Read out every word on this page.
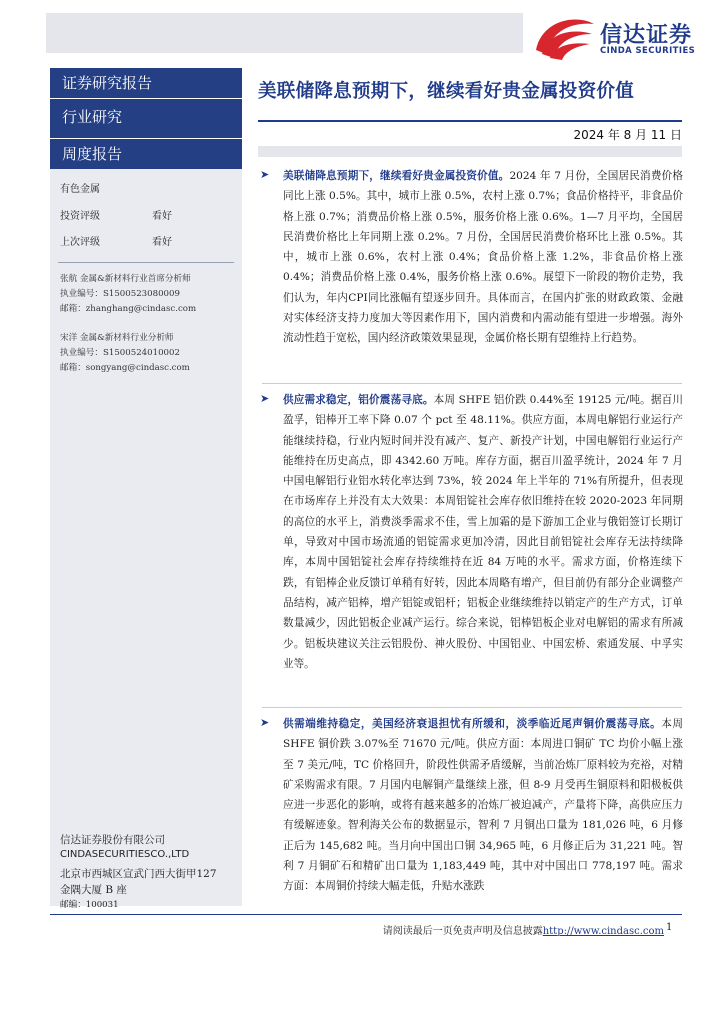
信达证券
CINDA SECURITIES
证券研究报告
行业研究
周度报告
有色金属
投资评级	看好
上次评级	看好
张航 金属&新材料行业首席分析师
执业编号：S1500523080009
邮箱：zhanghang@cindasc.com
宋洋 金属&新材料行业分析师
执业编号：S1500524010002
邮箱：songyang@cindasc.com
信达证券股份有限公司
CINDASECURITIESCO.,LTD
北京市西城区宣武门西大街甲127
金隅大厦 B 座
邮编：100031
美联储降息预期下，继续看好贵金属投资价值
2024 年 8 月 11 日
➤ 美联储降息预期下，继续看好贵金属投资价值。2024 年 7 月份，全国居民消费价格同比上涨 0.5%。其中，城市上涨 0.5%，农村上涨 0.7%；食品价格持平，非食品价格上涨 0.7%；消费品价格上涨 0.5%，服务价格上涨 0.6%。1—7 月平均，全国居民消费价格比上年同期上涨 0.2%。7 月份，全国居民消费价格环比上涨 0.5%。其中，城市上涨 0.6%，农村上涨 0.4%；食品价格上涨 1.2%，非食品价格上涨 0.4%；消费品价格上涨 0.4%，服务价格上涨 0.6%。展望下一阶段的物价走势，我们认为，年内CPI同比涨幅有望逐步回升。具体而言，在国内扩张的财政政策、金融对实体经济支持力度加大等因素作用下，国内消费和内需动能有望进一步增强。海外流动性趋于宽松，国内经济政策效果显现，金属价格长期有望维持上行趋势。
➤ 供应需求稳定，铝价震荡寻底。本周 SHFE 铝价跌 0.44%至 19125 元/吨。据百川盈孚，铝棒开工率下降 0.07 个 pct 至 48.11%。供应方面，本周电解铝行业运行产能继续持稳，行业内短时间并没有减产、复产、新投产计划，中国电解铝行业运行产能维持在历史高点，即 4342.60 万吨。库存方面，据百川盈孚统计，2024 年 7 月中国电解铝行业铝水转化率达到 73%，较 2024 年上半年的 71%有所提升，但表现在市场库存上并没有太大效果：本周铝锭社会库存依旧维持在较 2020-2023 年同期的高位的水平上，消费淡季需求不佳，雪上加霜的是下游加工企业与俄铝签订长期订单，导致对中国市场流通的铝锭需求更加冷清，因此目前铝锭社会库存无法持续降库，本周中国铝锭社会库存持续维持在近 84 万吨的水平。需求方面，价格连续下跌，有铝棒企业反馈订单稍有好转，因此本周略有增产，但目前仍有部分企业调整产品结构，减产铝棒，增产铝锭或铝杆；铝板企业继续维持以销定产的生产方式，订单数量减少，因此铝板企业减产运行。综合来说，铝棒铝板企业对电解铝的需求有所减少。铝板块建议关注云铝股份、神火股份、中国铝业、中国宏桥、索通发展、中孚实业等。
➤ 供需端维持稳定，美国经济衰退担忧有所缓和，淡季临近尾声铜价震荡寻底。本周 SHFE 铜价跌 3.07%至 71670 元/吨。供应方面：本周进口铜矿 TC 均价小幅上涨至 7 美元/吨，TC 价格回升，阶段性供需矛盾缓解，当前冶炼厂原料较为充裕，对精矿采购需求有限。7 月国内电解铜产量继续上涨，但 8-9 月受再生铜原料和阳极板供应进一步恶化的影响，或将有越来越多的冶炼厂被迫减产，产量将下降，高供应压力有缓解迹象。智利海关公布的数据显示，智利 7 月铜出口量为 181,026 吨，6 月修正后为 145,682 吨。当月向中国出口铜 34,965 吨，6 月修正后为 31,221 吨。智利 7 月铜矿石和精矿出口量为 1,183,449 吨，其中对中国出口 778,197 吨。需求方面：本周铜价持续大幅走低，升贴水涨跌
请阅读最后一页免责声明及信息披露http://www.cindasc.com 1
